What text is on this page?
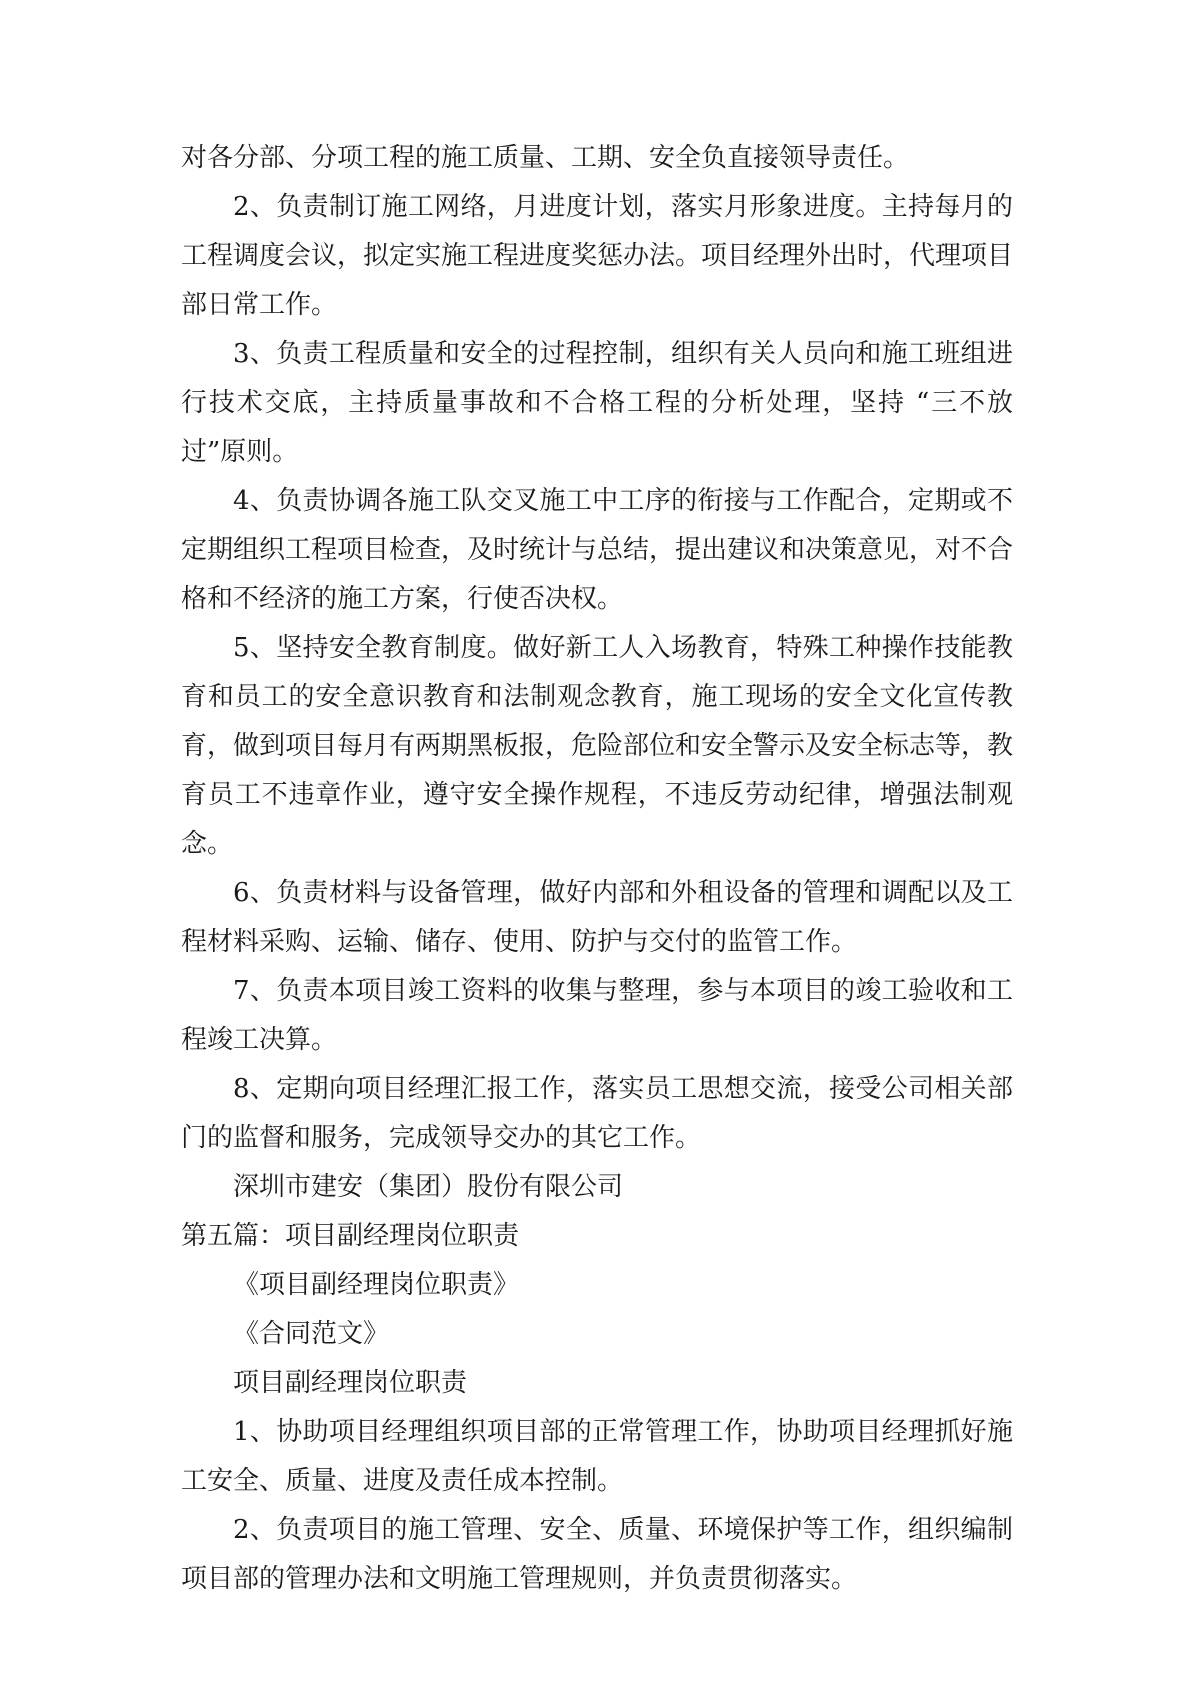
对各分部、分项工程的施工质量、工期、安全负直接领导责任。

2、负责制订施工网络，月进度计划，落实月形象进度。主持每月的工程调度会议，拟定实施工程进度奖惩办法。项目经理外出时，代理项目部日常工作。

3、负责工程质量和安全的过程控制，组织有关人员向和施工班组进行技术交底，主持质量事故和不合格工程的分析处理，坚持 “三不放过”原则。

4、负责协调各施工队交叉施工中工序的衔接与工作配合，定期或不定期组织工程项目检查，及时统计与总结，提出建议和决策意见，对不合格和不经济的施工方案，行使否决权。

5、坚持安全教育制度。做好新工人入场教育，特殊工种操作技能教育和员工的安全意识教育和法制观念教育，施工现场的安全文化宣传教育，做到项目每月有两期黑板报，危险部位和安全警示及安全标志等，教育员工不违章作业，遵守安全操作规程，不违反劳动纪律，增强法制观念。

6、负责材料与设备管理，做好内部和外租设备的管理和调配以及工程材料采购、运输、储存、使用、防护与交付的监管工作。

7、负责本项目竣工资料的收集与整理，参与本项目的竣工验收和工程竣工决算。

8、定期向项目经理汇报工作，落实员工思想交流，接受公司相关部门的监督和服务，完成领导交办的其它工作。

深圳市建安（集团）股份有限公司

第五篇：项目副经理岗位职责

《项目副经理岗位职责》

《合同范文》

项目副经理岗位职责

1、协助项目经理组织项目部的正常管理工作，协助项目经理抓好施工安全、质量、进度及责任成本控制。

2、负责项目的施工管理、安全、质量、环境保护等工作，组织编制项目部的管理办法和文明施工管理规则，并负责贯彻落实。
